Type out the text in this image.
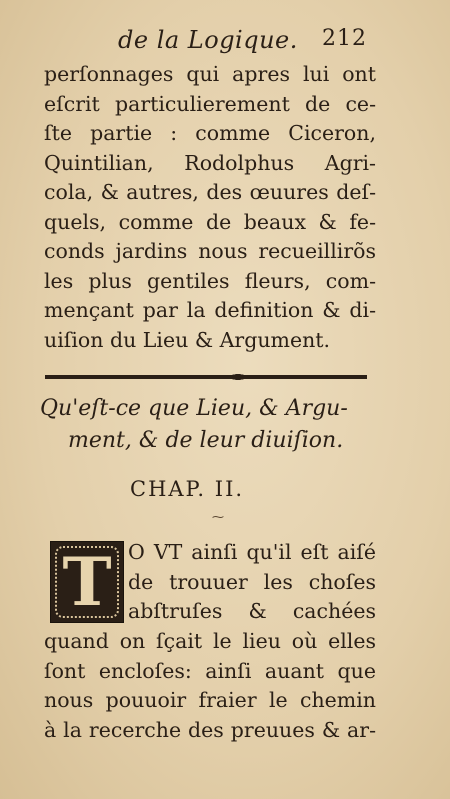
de la Logique. 212
perſonnages qui apres lui ont
eſcrit particulierement de ce-
ſte partie : comme Ciceron,
Quintilian, Rodolphus Agri-
cola, & autres, des œuures deſ-
quels, comme de beaux & fe-
conds jardins nous recueillirõs
les plus gentiles fleurs, com-
mençant par la definition & di-
uiſion du Lieu & Argument.
Qu'eſt-ce que Lieu, & Argu-
ment, & de leur diuiſion.
CHAP. II.
⁓
T O VT ainſi qu'il eſt aiſé
de trouuer les choſes
abſtruſes & cachées
quand on ſçait le lieu où elles
ſont encloſes: ainſi auant que
nous pouuoir fraier le chemin
à la recerche des preuues & ar-
